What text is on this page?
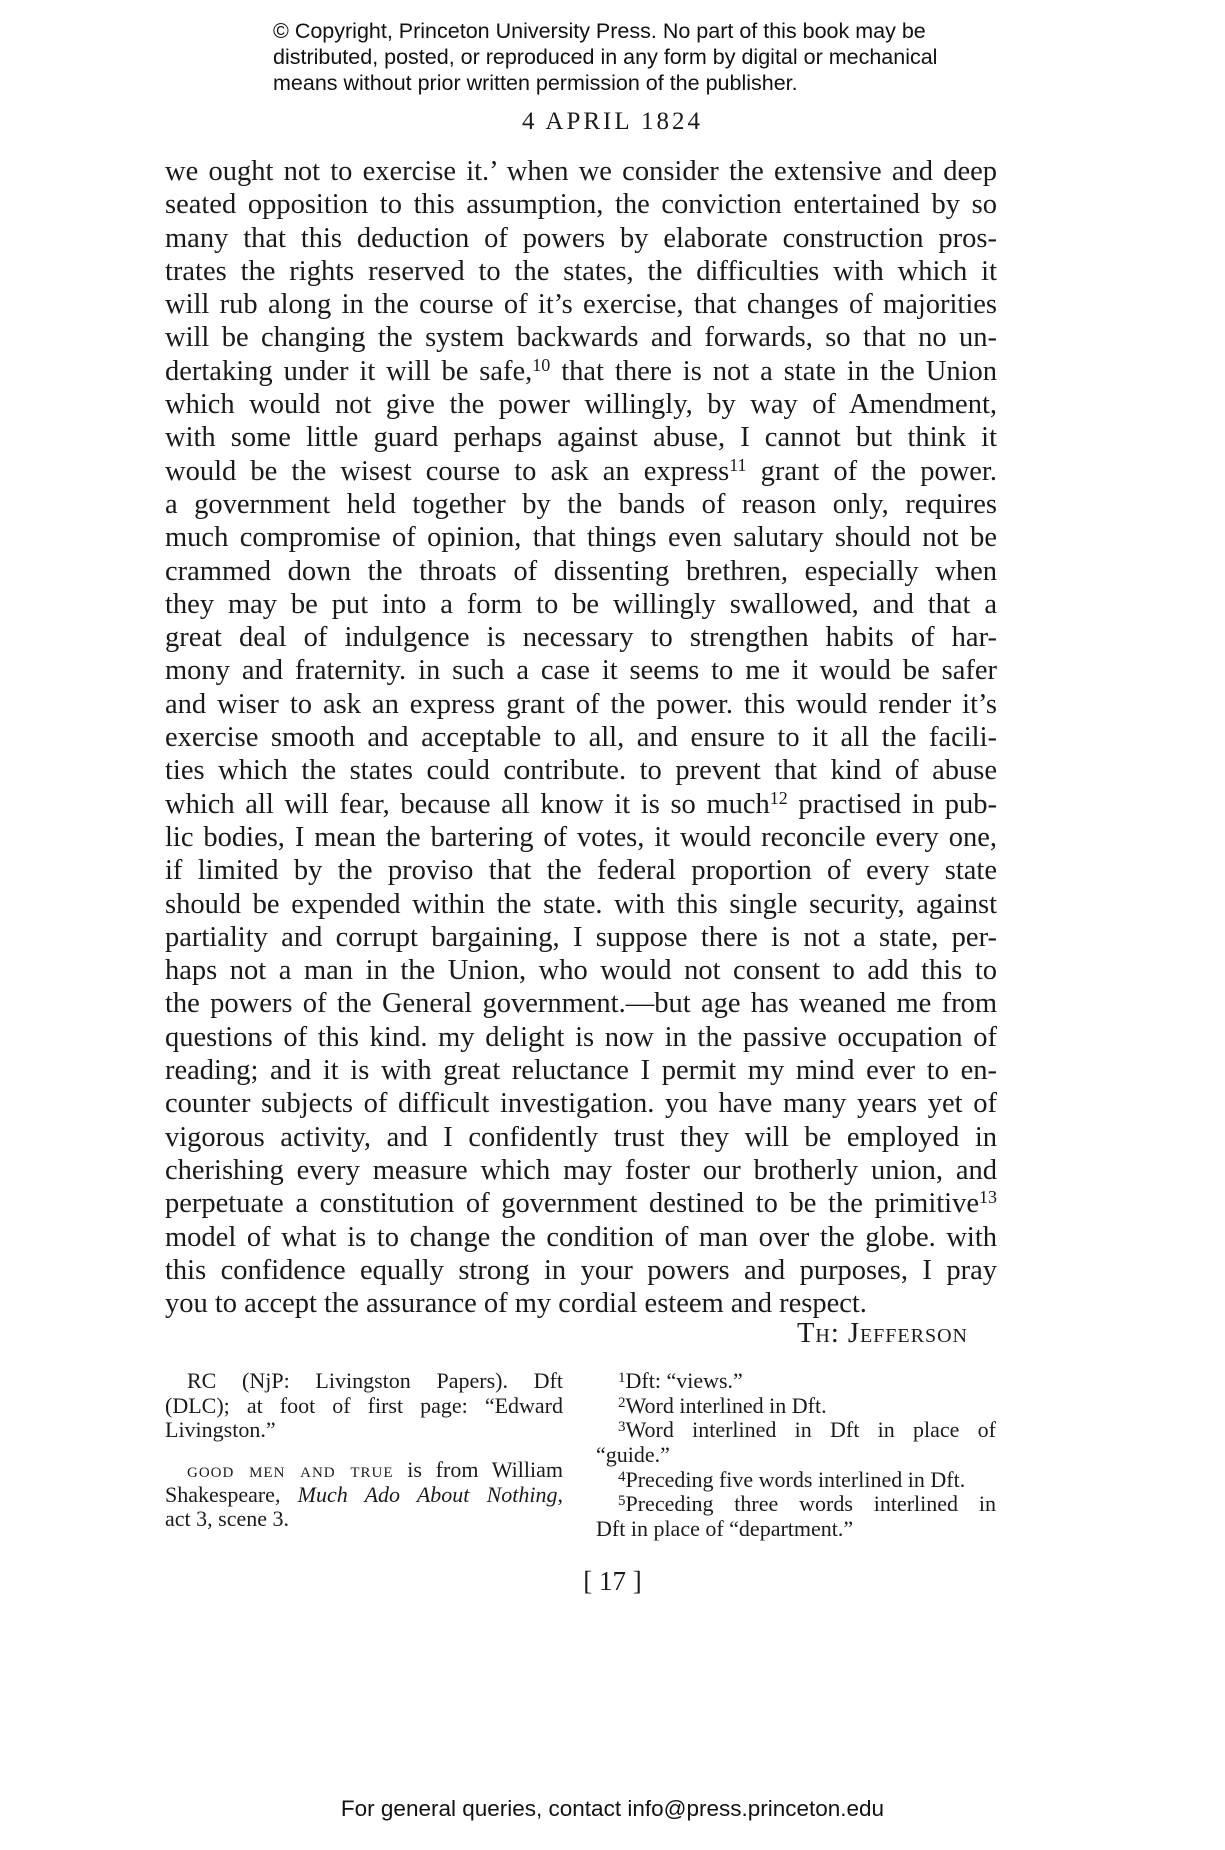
© Copyright, Princeton University Press. No part of this book may be
distributed, posted, or reproduced in any form by digital or mechanical
means without prior written permission of the publisher.
4 APRIL 1824
we ought not to exercise it.’ when we consider the extensive and deep
seated opposition to this assumption, the conviction entertained by so
many that this deduction of powers by elaborate construction pros-
trates the rights reserved to the states, the difficulties with which it
will rub along in the course of it’s exercise, that changes of majorities
will be changing the system backwards and forwards, so that no un-
dertaking under it will be safe,$^{10}$ that there is not a state in the Union
which would not give the power willingly, by way of Amendment,
with some little guard perhaps against abuse, I cannot but think it
would be the wisest course to ask an express$^{11}$ grant of the power.
a government held together by the bands of reason only, requires
much compromise of opinion, that things even salutary should not be
crammed down the throats of dissenting brethren, especially when
they may be put into a form to be willingly swallowed, and that a
great deal of indulgence is necessary to strengthen habits of har-
mony and fraternity. in such a case it seems to me it would be safer
and wiser to ask an express grant of the power. this would render it’s
exercise smooth and acceptable to all, and ensure to it all the facili-
ties which the states could contribute. to prevent that kind of abuse
which all will fear, because all know it is so much$^{12}$ practised in pub-
lic bodies, I mean the bartering of votes, it would reconcile every one,
if limited by the proviso that the federal proportion of every state
should be expended within the state. with this single security, against
partiality and corrupt bargaining, I suppose there is not a state, per-
haps not a man in the Union, who would not consent to add this to
the powers of the General government.—but age has weaned me from
questions of this kind. my delight is now in the passive occupation of
reading; and it is with great reluctance I permit my mind ever to en-
counter subjects of difficult investigation. you have many years yet of
vigorous activity, and I confidently trust they will be employed in
cherishing every measure which may foster our brotherly union, and
perpetuate a constitution of government destined to be the primitive$^{13}$
model of what is to change the condition of man over the globe. with
this confidence equally strong in your powers and purposes, I pray
you to accept the assurance of my cordial esteem and respect.
Th: Jefferson
RC (NjP: Livingston Papers). Dft
(DLC); at foot of first page: “Edward
Livingston.”
good men and true is from William
Shakespeare, Much Ado About Nothing,
act 3, scene 3.
$^1$Dft: “views.”
$^2$Word interlined in Dft.
$^3$Word interlined in Dft in place of
“guide.”
$^4$Preceding five words interlined in Dft.
$^5$Preceding three words interlined in
Dft in place of “department.”
[ 17 ]
For general queries, contact info@press.princeton.edu
